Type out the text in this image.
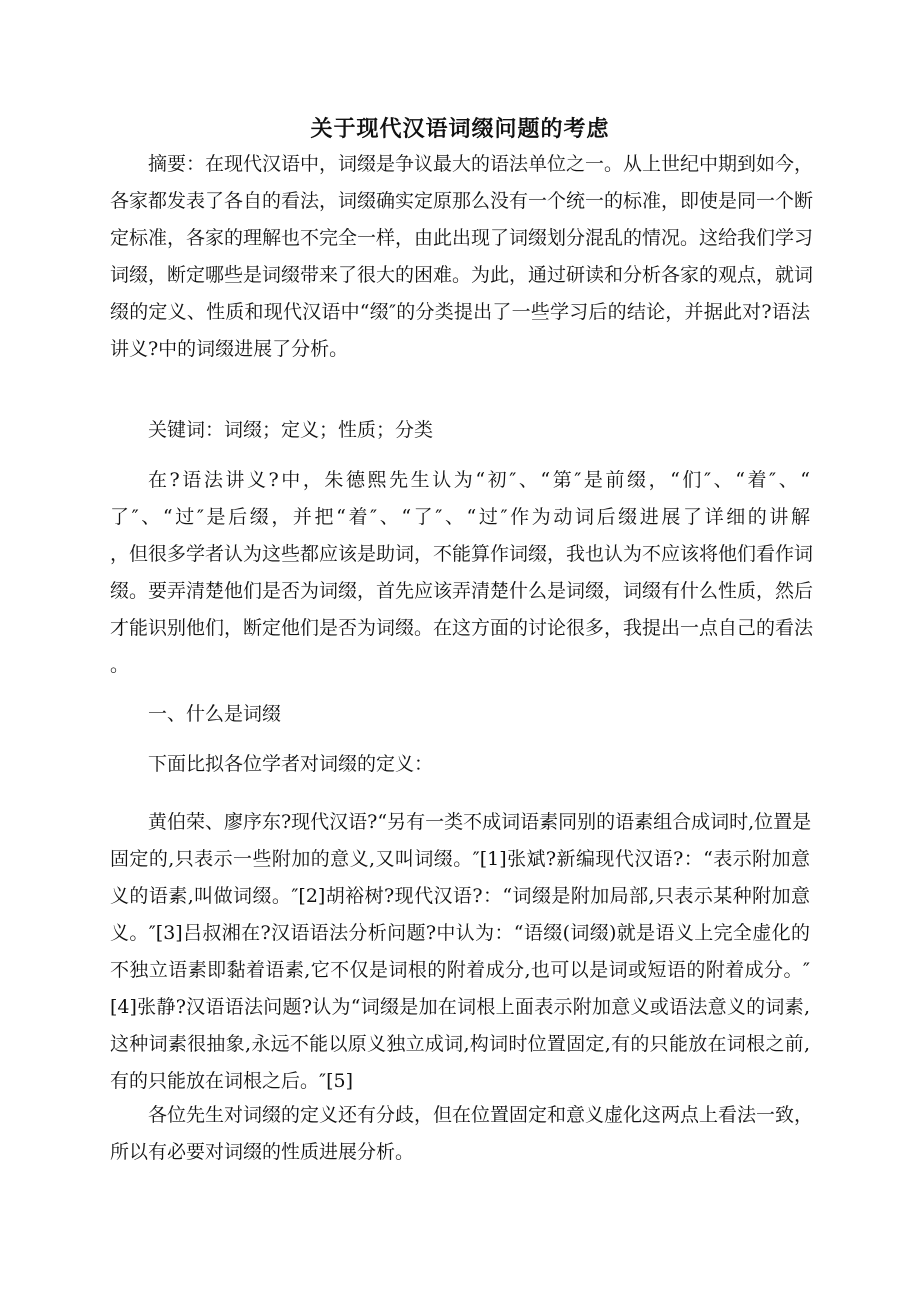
关于现代汉语词缀问题的考虑
摘要：在现代汉语中，词缀是争议最大的语法单位之一。从上世纪中期到如今，
各家都发表了各自的看法，词缀确实定原那么没有一个统一的标准，即使是同一个断
定标准，各家的理解也不完全一样，由此出现了词缀划分混乱的情况。这给我们学习
词缀，断定哪些是词缀带来了很大的困难。为此，通过研读和分析各家的观点，就词
缀的定义、性质和现代汉语中“缀″的分类提出了一些学习后的结论，并据此对?语法
讲义?中的词缀进展了分析。
关键词：词缀；定义；性质；分类
在?语法讲义?中，朱德熙先生认为“初″、“第″是前缀，“们″、“着″、“
了″、“过″是后缀，并把“着″、“了″、“过″作为动词后缀进展了详细的讲解
，但很多学者认为这些都应该是助词，不能算作词缀，我也认为不应该将他们看作词
缀。要弄清楚他们是否为词缀，首先应该弄清楚什么是词缀，词缀有什么性质，然后
才能识别他们，断定他们是否为词缀。在这方面的讨论很多，我提出一点自己的看法
。
一、什么是词缀
下面比拟各位学者对词缀的定义：
黄伯荣、廖序东?现代汉语?“另有一类不成词语素同别的语素组合成词时,位置是
固定的,只表示一些附加的意义,又叫词缀。″[1]张斌?新编现代汉语?：“表示附加意
义的语素,叫做词缀。″[2]胡裕树?现代汉语?：“词缀是附加局部,只表示某种附加意
义。″[3]吕叔湘在?汉语语法分析问题?中认为：“语缀(词缀)就是语义上完全虚化的
不独立语素即黏着语素,它不仅是词根的附着成分,也可以是词或短语的附着成分。″
[4]张静?汉语语法问题?认为“词缀是加在词根上面表示附加意义或语法意义的词素,
这种词素很抽象,永远不能以原义独立成词,构词时位置固定,有的只能放在词根之前,
有的只能放在词根之后。″[5]
各位先生对词缀的定义还有分歧，但在位置固定和意义虚化这两点上看法一致，
所以有必要对词缀的性质进展分析。
